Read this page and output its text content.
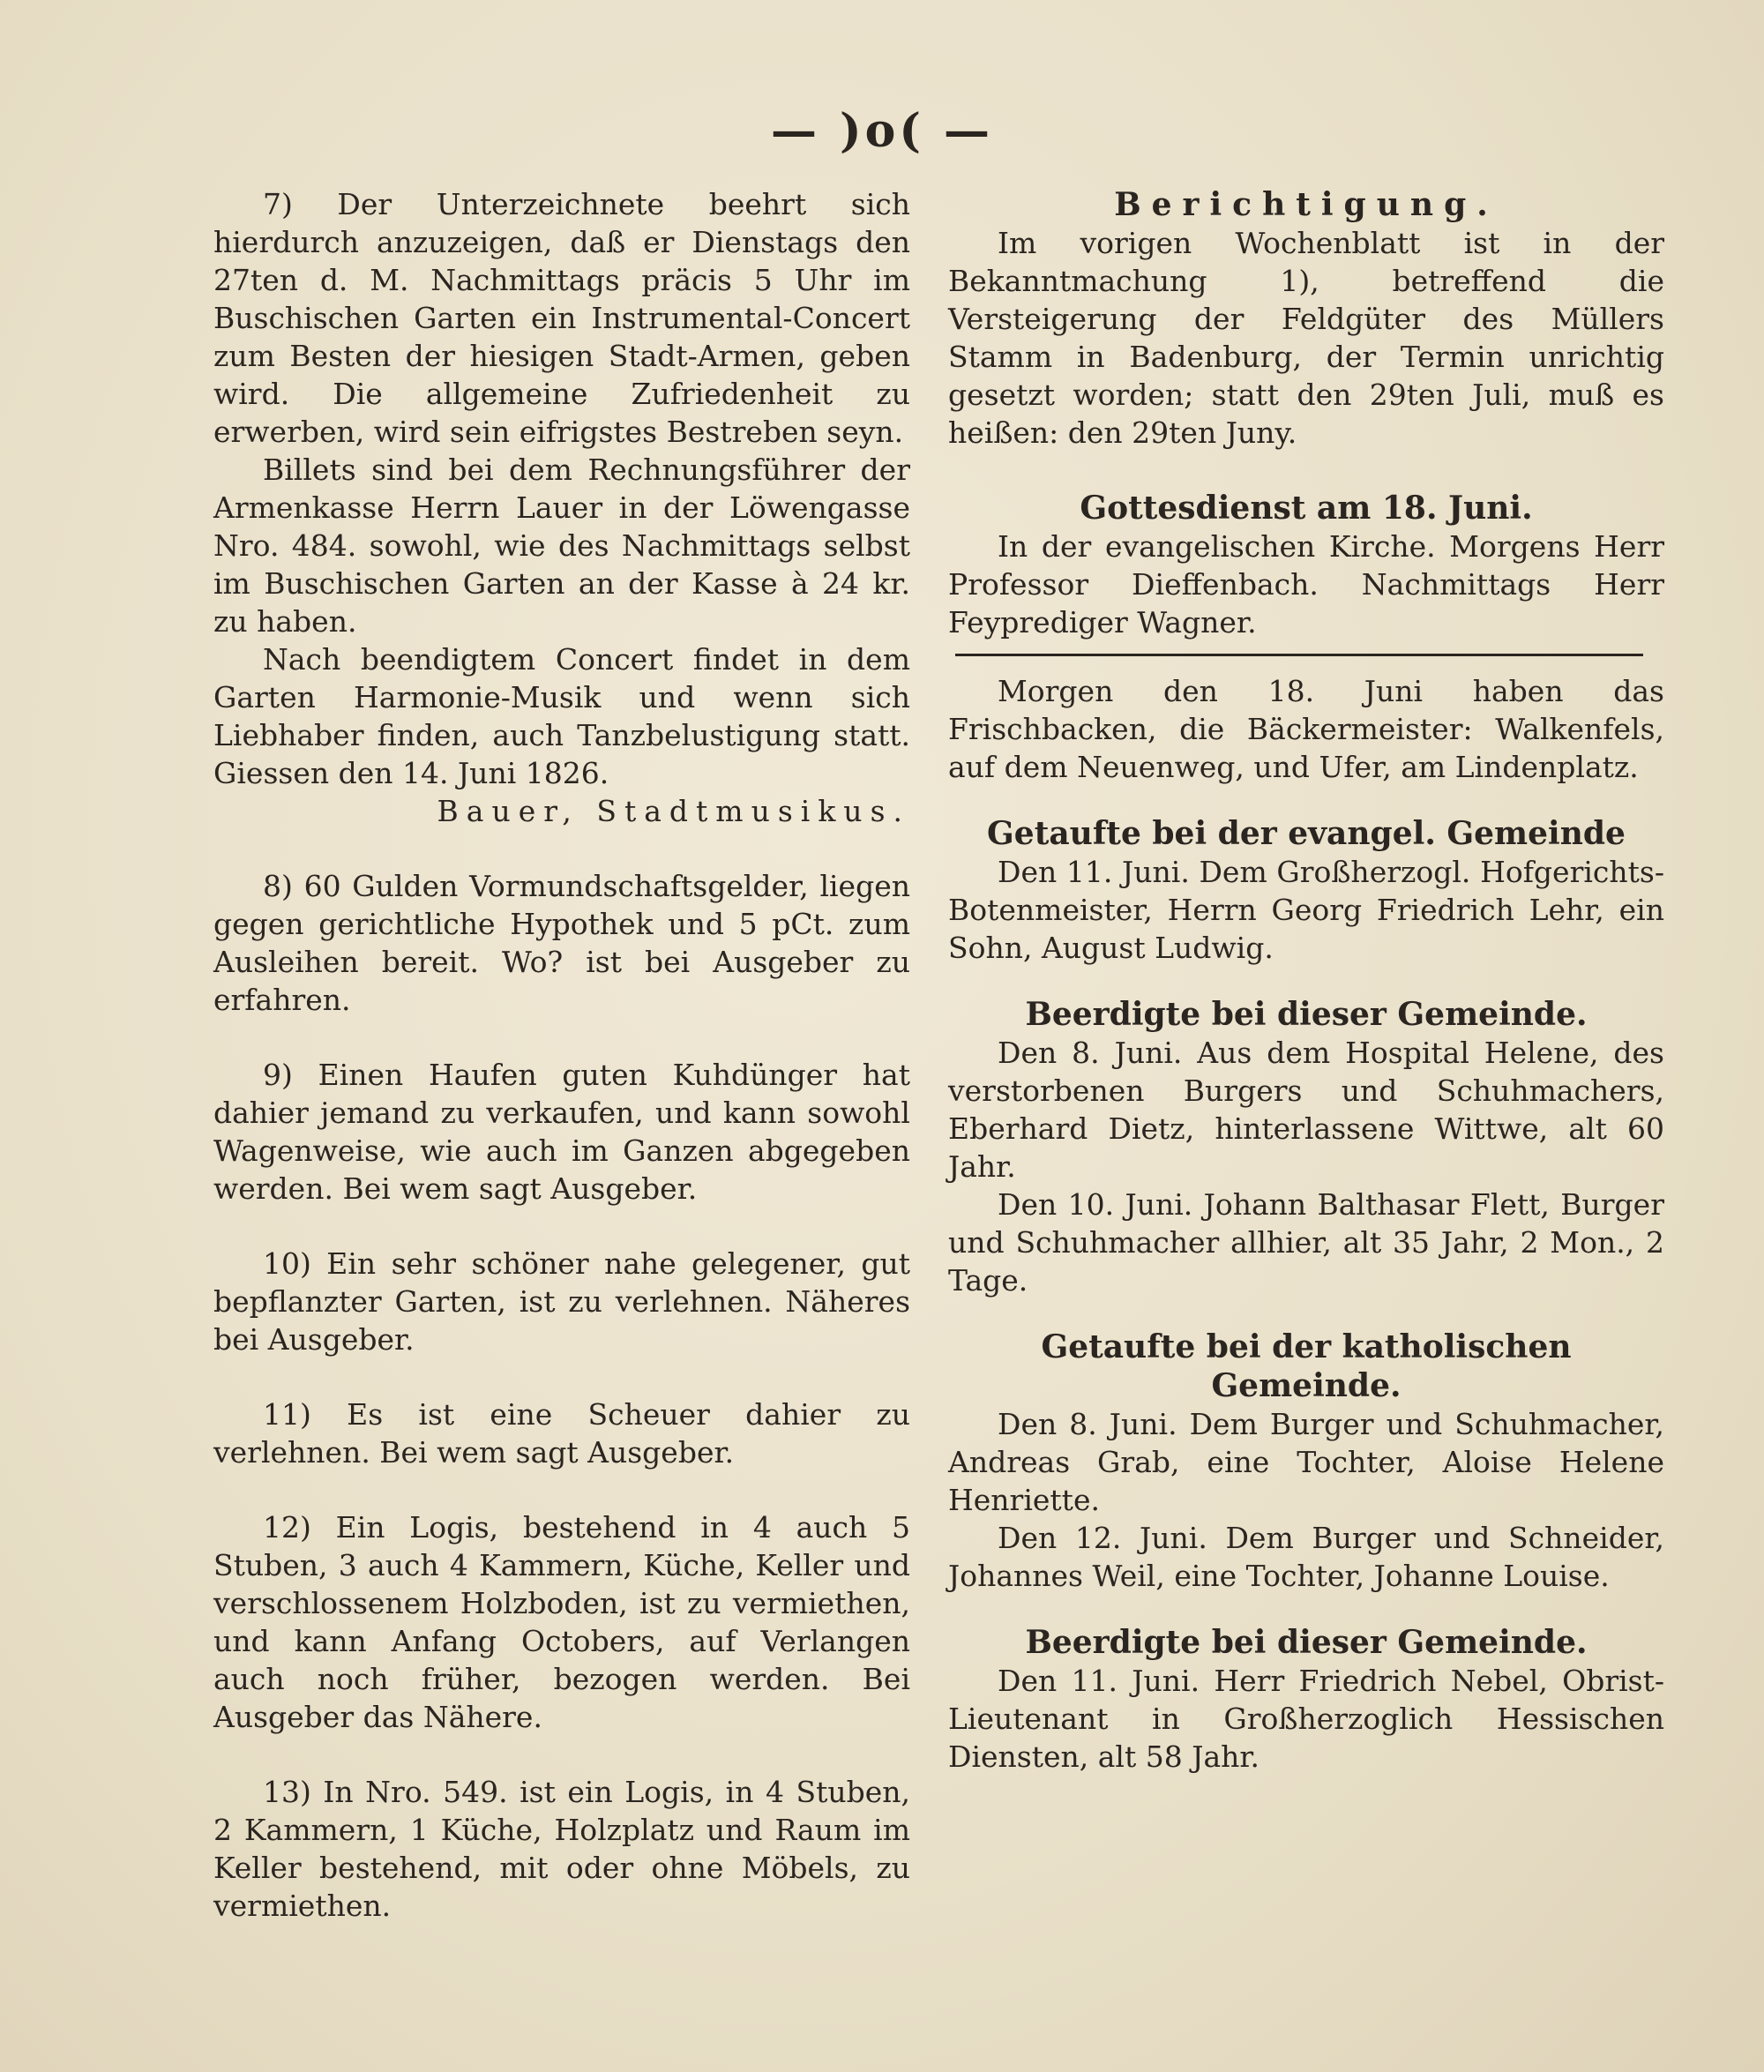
— )o( —

7) Der Unterzeichnete beehrt sich hierdurch anzuzeigen, daß er Dienstags den 27ten d. M. Nachmittags präcis 5 Uhr im Buschischen Garten ein Instrumental-Concert zum Besten der hiesigen Stadt-Armen, geben wird. Die allgemeine Zufriedenheit zu erwerben, wird sein eifrigstes Bestreben seyn.

Billets sind bei dem Rechnungsführer der Armenkasse Herrn Lauer in der Löwengasse Nro. 484. sowohl, wie des Nachmittags selbst im Buschischen Garten an der Kasse à 24 kr. zu haben.

Nach beendigtem Concert findet in dem Garten Harmonie-Musik und wenn sich Liebhaber finden, auch Tanzbelustigung statt. Giessen den 14. Juni 1826.

Bauer, Stadtmusikus.

8) 60 Gulden Vormundschaftsgelder, liegen gegen gerichtliche Hypothek und 5 pCt. zum Ausleihen bereit. Wo? ist bei Ausgeber zu erfahren.

9) Einen Haufen guten Kuhdünger hat dahier jemand zu verkaufen, und kann sowohl Wagenweise, wie auch im Ganzen abgegeben werden. Bei wem sagt Ausgeber.

10) Ein sehr schöner nahe gelegener, gut bepflanzter Garten, ist zu verlehnen. Näheres bei Ausgeber.

11) Es ist eine Scheuer dahier zu verlehnen. Bei wem sagt Ausgeber.

12) Ein Logis, bestehend in 4 auch 5 Stuben, 3 auch 4 Kammern, Küche, Keller und verschlossenem Holzboden, ist zu vermiethen, und kann Anfang Octobers, auf Verlangen auch noch früher, bezogen werden. Bei Ausgeber das Nähere.

13) In Nro. 549. ist ein Logis, in 4 Stuben, 2 Kammern, 1 Küche, Holzplatz und Raum im Keller bestehend, mit oder ohne Möbels, zu vermiethen.

Berichtigung.

Im vorigen Wochenblatt ist in der Bekanntmachung 1), betreffend die Versteigerung der Feldgüter des Müllers Stamm in Badenburg, der Termin unrichtig gesetzt worden; statt den 29ten Juli, muß es heißen: den 29ten Juny.

Gottesdienst am 18. Juni.

In der evangelischen Kirche. Morgens Herr Professor Dieffenbach. Nachmittags Herr Feyprediger Wagner.

Morgen den 18. Juni haben das Frischbacken, die Bäckermeister: Walkenfels, auf dem Neuenweg, und Ufer, am Lindenplatz.

Getaufte bei der evangel. Gemeinde

Den 11. Juni. Dem Großherzogl. Hofgerichts-Botenmeister, Herrn Georg Friedrich Lehr, ein Sohn, August Ludwig.

Beerdigte bei dieser Gemeinde.

Den 8. Juni. Aus dem Hospital Helene, des verstorbenen Burgers und Schuhmachers, Eberhard Dietz, hinterlassene Wittwe, alt 60 Jahr.

Den 10. Juni. Johann Balthasar Flett, Burger und Schuhmacher allhier, alt 35 Jahr, 2 Mon., 2 Tage.

Getaufte bei der katholischen
Gemeinde.

Den 8. Juni. Dem Burger und Schuhmacher, Andreas Grab, eine Tochter, Aloise Helene Henriette.

Den 12. Juni. Dem Burger und Schneider, Johannes Weil, eine Tochter, Johanne Louise.

Beerdigte bei dieser Gemeinde.

Den 11. Juni. Herr Friedrich Nebel, Obrist-Lieutenant in Großherzoglich Hessischen Diensten, alt 58 Jahr.
